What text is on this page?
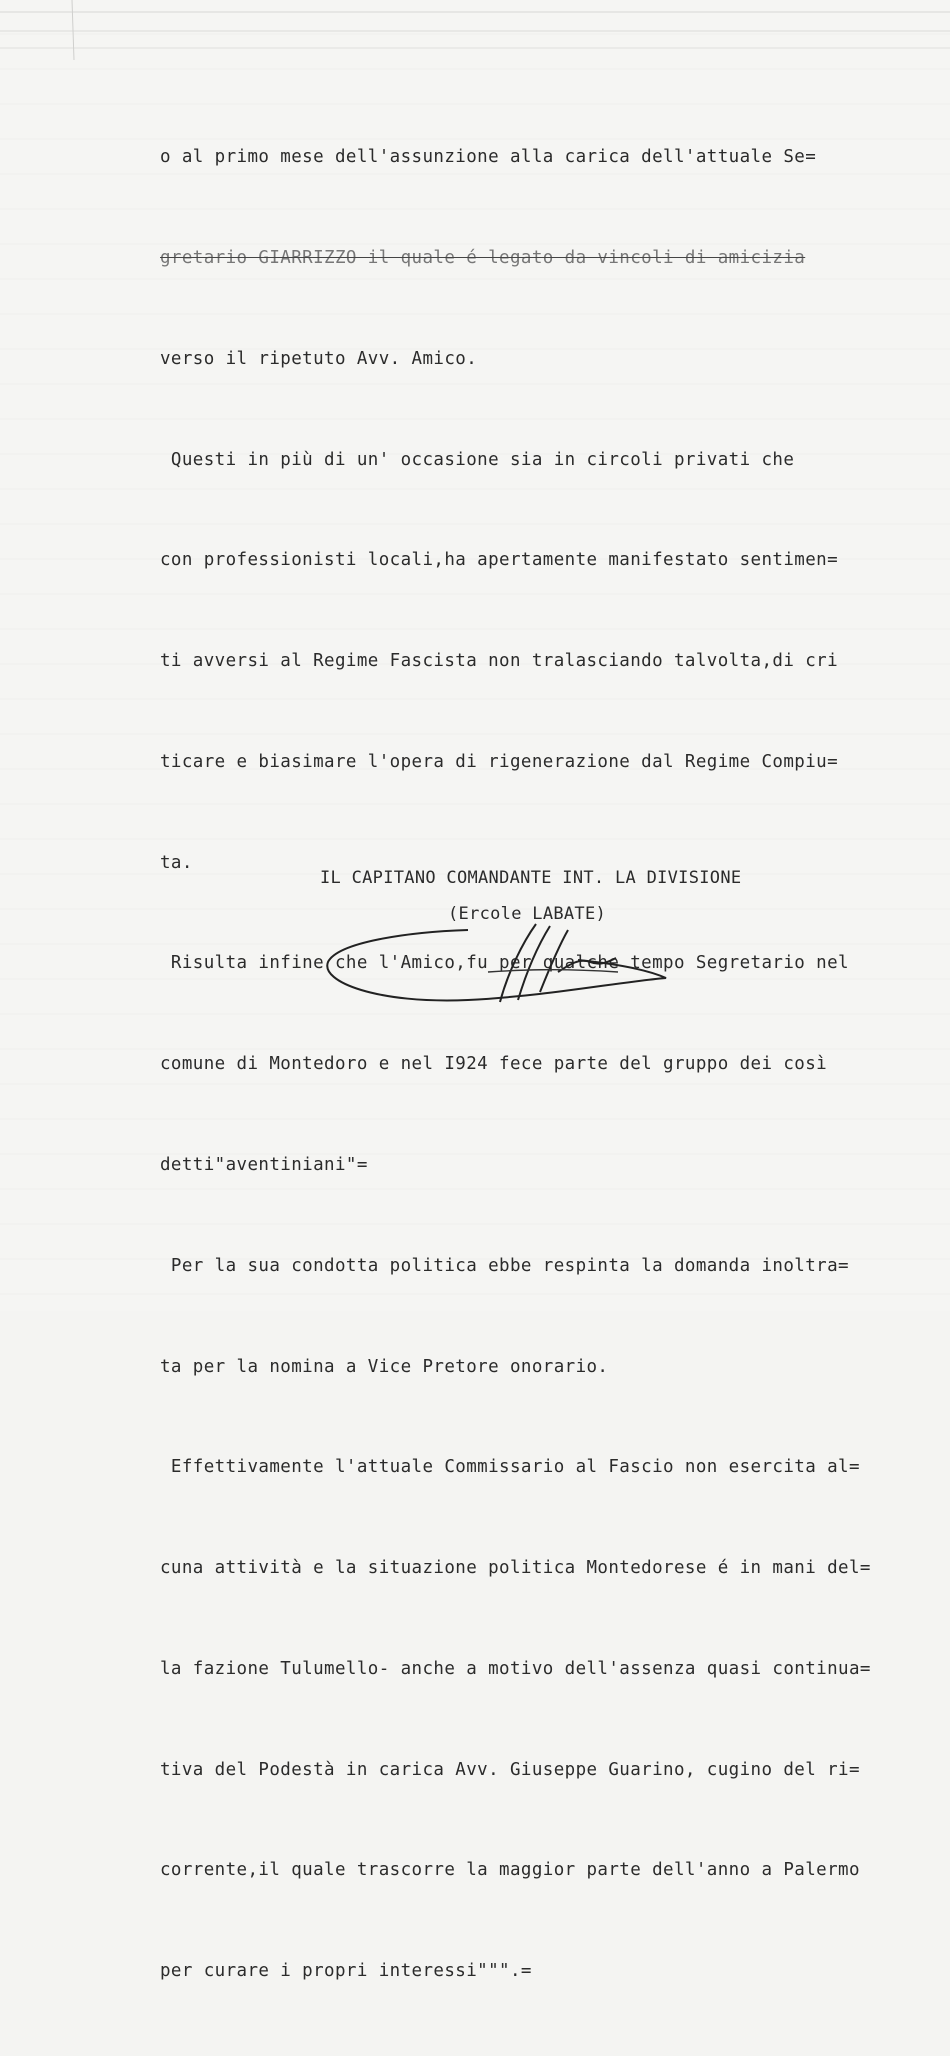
o al primo mese dell'assunzione alla carica dell'attuale Se=

gretario GIARRIZZO il quale é legato da vincoli di amicizia

verso il ripetuto Avv. Amico.

Questi in più di un' occasione sia in circoli privati che

con professionisti locali,ha apertamente manifestato sentimen=

ti avversi al Regime Fascista non tralasciando talvolta,di cri

ticare e biasimare l'opera di rigenerazione dal Regime Compiu=

ta.

Risulta infine che l'Amico,fu per qualche tempo Segretario nel

comune di Montedoro e nel I924 fece parte del gruppo dei così

detti"aventiniani"=

Per la sua condotta politica ebbe respinta la domanda inoltra=

ta per la nomina a Vice Pretore onorario.

Effettivamente l'attuale Commissario al Fascio non esercita al=

cuna attività e la situazione politica Montedorese é in mani del=

la fazione Tulumello- anche a motivo dell'assenza quasi continua=

tiva del Podestà in carica Avv. Giuseppe Guarino, cugino del ri=

corrente,il quale trascorre la maggior parte dell'anno a Palermo

per curare i propri interessi""".=

IL CAPITANO COMANDANTE INT. LA DIVISIONE
(Ercole LABATE)
